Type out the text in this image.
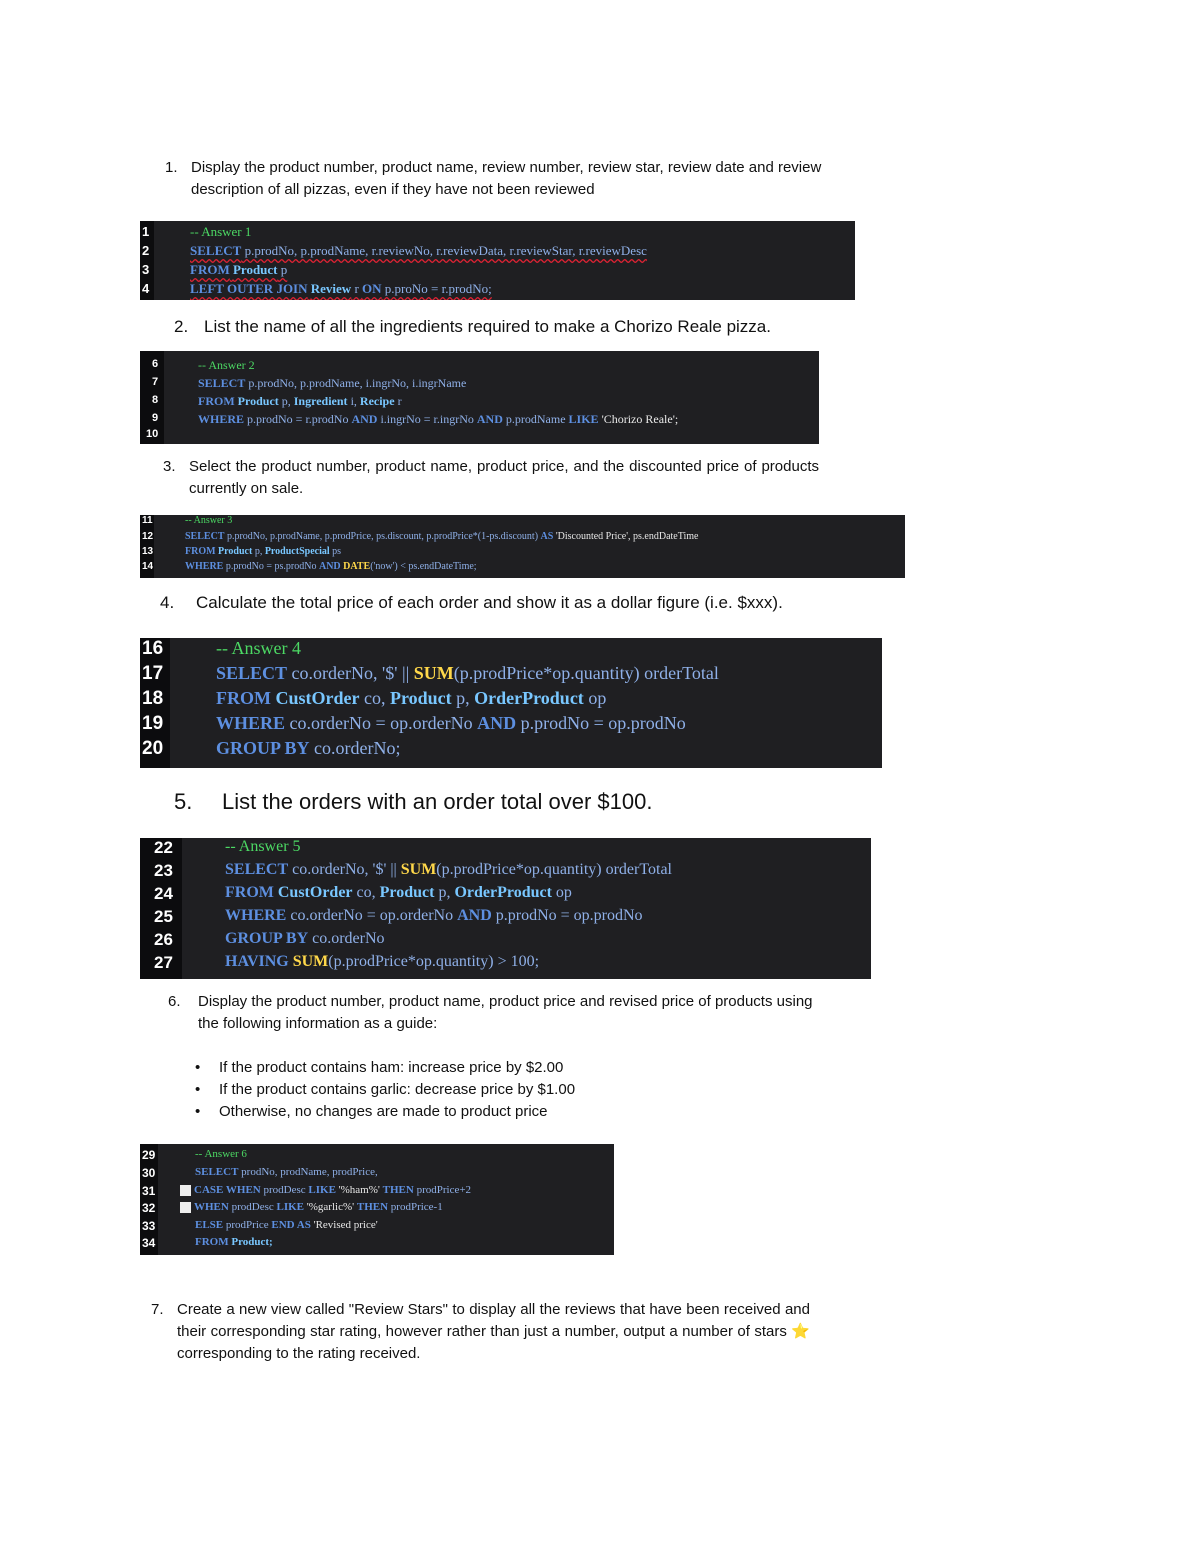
1. Display the product number, product name, review number, review star, review date and review description of all pizzas, even if they have not been reviewed
1
2
3
4
-- Answer 1
SELECT p.prodNo, p.prodName, r.reviewNo, r.reviewData, r.reviewStar, r.reviewDesc
FROM Product p
LEFT OUTER JOIN Review r ON p.proNo = r.prodNo;
2. List the name of all the ingredients required to make a Chorizo Reale pizza.
6
7
8
9
10
-- Answer 2
SELECT p.prodNo, p.prodName, i.ingrNo, i.ingrName
FROM Product p, Ingredient i, Recipe r
WHERE p.prodNo = r.prodNo AND i.ingrNo = r.ingrNo AND p.prodName LIKE 'Chorizo Reale';
3. Select the product number, product name, product price, and the discounted price of products currently on sale.
11
12
13
14
-- Answer 3
SELECT p.prodNo, p.prodName, p.prodPrice, ps.discount, p.prodPrice*(1-ps.discount) AS 'Discounted Price', ps.endDateTime
FROM Product p, ProductSpecial ps
WHERE p.prodNo = ps.prodNo AND DATE('now') < ps.endDateTime;
4. Calculate the total price of each order and show it as a dollar figure (i.e. $xxx).
16
17
18
19
20
-- Answer 4
SELECT co.orderNo, '$' || SUM(p.prodPrice*op.quantity) orderTotal
FROM CustOrder co, Product p, OrderProduct op
WHERE co.orderNo = op.orderNo AND p.prodNo = op.prodNo
GROUP BY co.orderNo;
5. List the orders with an order total over $100.
22
23
24
25
26
27
-- Answer 5
SELECT co.orderNo, '$' || SUM(p.prodPrice*op.quantity) orderTotal
FROM CustOrder co, Product p, OrderProduct op
WHERE co.orderNo = op.orderNo AND p.prodNo = op.prodNo
GROUP BY co.orderNo
HAVING SUM(p.prodPrice*op.quantity) > 100;
6. Display the product number, product name, product price and revised price of products using the following information as a guide:
• If the product contains ham: increase price by $2.00
• If the product contains garlic: decrease price by $1.00
• Otherwise, no changes are made to product price
29
30
31
32
33
34
-- Answer 6
SELECT prodNo, prodName, prodPrice,
CASE WHEN prodDesc LIKE '%ham%' THEN prodPrice+2
WHEN prodDesc LIKE '%garlic%' THEN prodPrice-1
ELSE prodPrice END AS 'Revised price'
FROM Product;
7. Create a new view called "Review Stars" to display all the reviews that have been received and their corresponding star rating, however rather than just a number, output a number of stars ⭐ corresponding to the rating received.
